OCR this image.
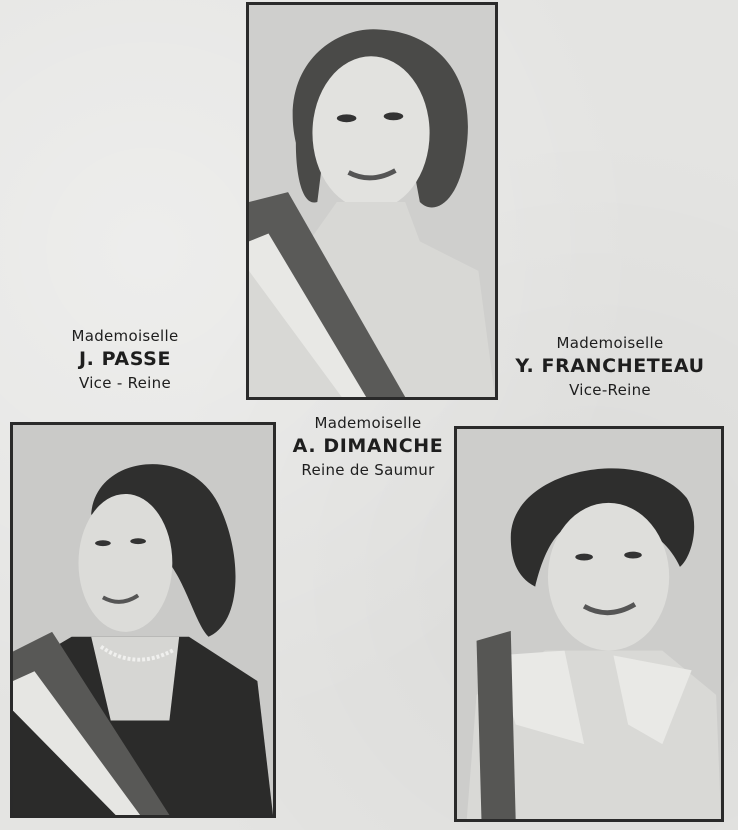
Mademoiselle
J. PASSE
Vice - Reine
Mademoiselle
A. DIMANCHE
Reine de Saumur
Mademoiselle
Y. FRANCHETEAU
Vice-Reine
